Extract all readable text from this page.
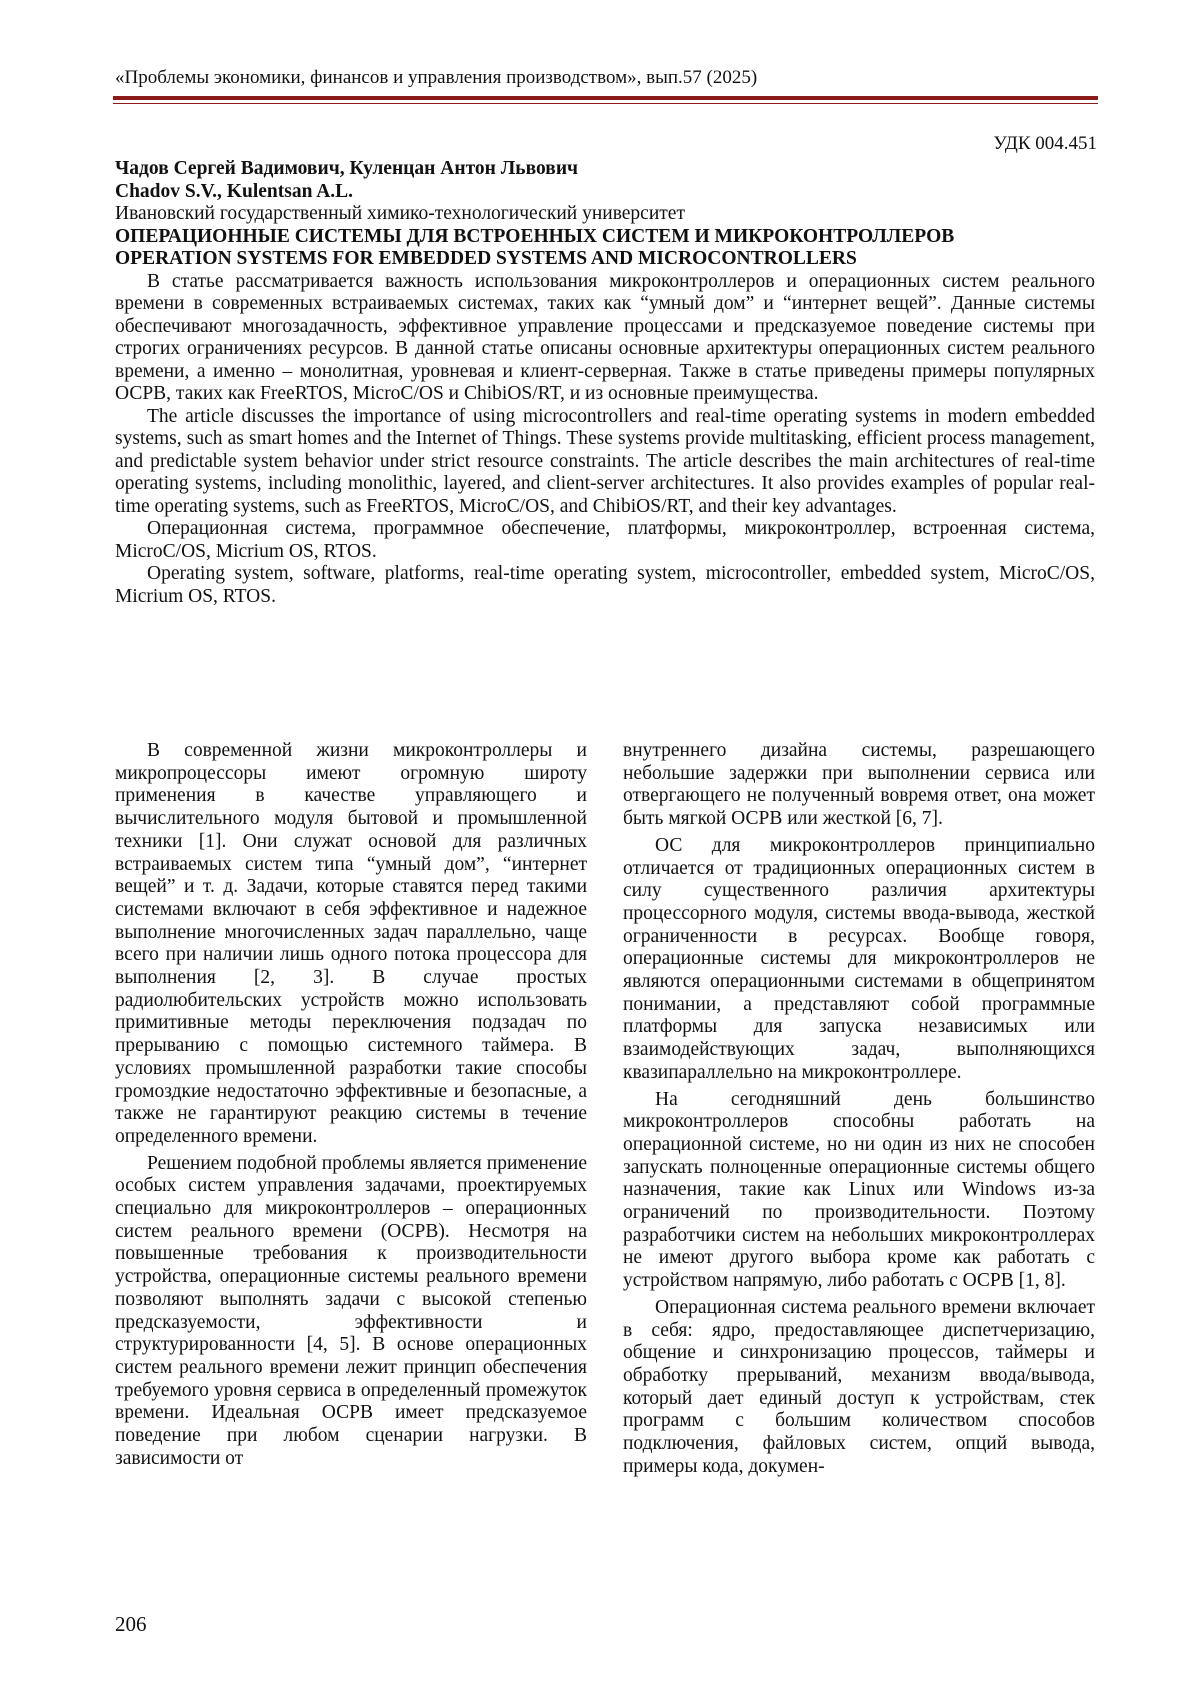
«Проблемы экономики, финансов и управления производством», вып.57 (2025)
УДК 004.451
Чадов Сергей Вадимович, Куленцан Антон Львович
Chadov S.V., Kulentsan A.L.
Ивановский государственный химико-технологический университет
ОПЕРАЦИОННЫЕ СИСТЕМЫ ДЛЯ ВСТРОЕННЫХ СИСТЕМ И МИКРОКОНТРОЛЛЕРОВ
OPERATION SYSTEMS FOR EMBEDDED SYSTEMS AND MICROCONTROLLERS

В статье рассматривается важность использования микроконтроллеров и операционных систем реального времени в современных встраиваемых системах, таких как “умный дом” и “интернет вещей”. Данные системы обеспечивают многозадачность, эффективное управление процессами и предсказуемое поведение системы при строгих ограничениях ресурсов. В данной статье описаны основные архитектуры операционных систем реального времени, а именно – монолитная, уровневая и клиент-серверная. Также в статье приведены примеры популярных ОСРВ, таких как FreeRTOS, MicroC/OS и ChibiOS/RT, и из основные преимущества.

The article discusses the importance of using microcontrollers and real-time operating systems in modern embedded systems, such as smart homes and the Internet of Things. These systems provide multitasking, efficient process management, and predictable system behavior under strict resource constraints. The article describes the main architectures of real-time operating systems, including monolithic, layered, and client-server architectures. It also provides examples of popular real-time operating systems, such as FreeRTOS, MicroC/OS, and ChibiOS/RT, and their key advantages.

Операционная система, программное обеспечение, платформы, микроконтроллер, встроенная система, MicroC/OS, Micrium OS, RTOS.

Operating system, software, platforms, real-time operating system, microcontroller, embedded system, MicroC/OS, Micrium OS, RTOS.

В современной жизни микроконтроллеры и микропроцессоры имеют огромную широту применения в качестве управляющего и вычислительного модуля бытовой и промышленной техники [1]. Они служат основой для различных встраиваемых систем типа “умный дом”, “интернет вещей” и т. д. Задачи, которые ставятся перед такими системами включают в себя эффективное и надежное выполнение многочисленных задач параллельно, чаще всего при наличии лишь одного потока процессора для выполнения [2, 3]. В случае простых радиолюбительских устройств можно использовать примитивные методы переключения подзадач по прерыванию с помощью системного таймера. В условиях промышленной разработки такие способы громоздкие недостаточно эффективные и безопасные, а также не гарантируют реакцию системы в течение определенного времени.

Решением подобной проблемы является применение особых систем управления задачами, проектируемых специально для микроконтроллеров – операционных систем реального времени (ОСРВ). Несмотря на повышенные требования к производительности устройства, операционные системы реального времени позволяют выполнять задачи с высокой степенью предсказуемости, эффективности и структурированности [4, 5]. В основе операционных систем реального времени лежит принцип обеспечения требуемого уровня сервиса в определенный промежуток времени. Идеальная ОСРВ имеет предсказуемое поведение при любом сценарии нагрузки. В зависимости от

внутреннего дизайна системы, разрешающего небольшие задержки при выполнении сервиса или отвергающего не полученный вовремя ответ, она может быть мягкой ОСРВ или жесткой [6, 7].

ОС для микроконтроллеров принципиально отличается от традиционных операционных систем в силу существенного различия архитектуры процессорного модуля, системы ввода-вывода, жесткой ограниченности в ресурсах. Вообще говоря, операционные системы для микроконтроллеров не являются операционными системами в общепринятом понимании, а представляют собой программные платформы для запуска независимых или взаимодействующих задач, выполняющихся квазипараллельно на микроконтроллере.

На сегодняшний день большинство микроконтроллеров способны работать на операционной системе, но ни один из них не способен запускать полноценные операционные системы общего назначения, такие как Linux или Windows из-за ограничений по производительности. Поэтому разработчики систем на небольших микроконтроллерах не имеют другого выбора кроме как работать с устройством напрямую, либо работать с ОСРВ [1, 8].

Операционная система реального времени включает в себя: ядро, предоставляющее диспетчеризацию, общение и синхронизацию процессов, таймеры и обработку прерываний, механизм ввода/вывода, который дает единый доступ к устройствам, стек программ с большим количеством способов подключения, файловых систем, опций вывода, примеры кода, докумен-

206
